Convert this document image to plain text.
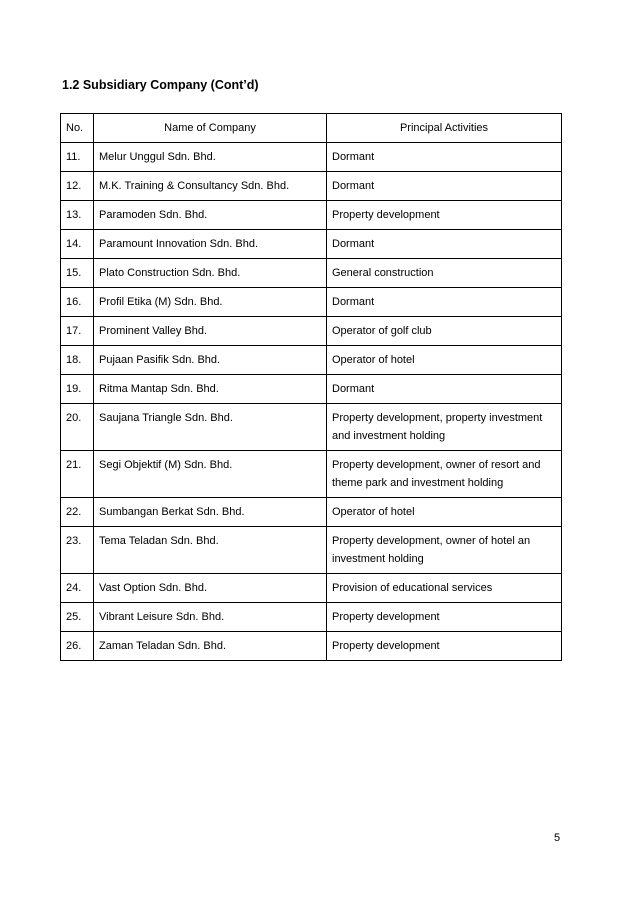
1.2 Subsidiary Company (Cont’d)
No.	Name of Company	Principal Activities
11.	Melur Unggul Sdn. Bhd.	Dormant
12.	M.K. Training & Consultancy Sdn. Bhd.	Dormant
13.	Paramoden Sdn. Bhd.	Property development
14.	Paramount Innovation Sdn. Bhd.	Dormant
15.	Plato Construction Sdn. Bhd.	General construction
16.	Profil Etika (M) Sdn. Bhd.	Dormant
17.	Prominent Valley Bhd.	Operator of golf club
18.	Pujaan Pasifik Sdn. Bhd.	Operator of hotel
19.	Ritma Mantap Sdn. Bhd.	Dormant
20.	Saujana Triangle Sdn. Bhd.	Property development, property investment and investment holding
21.	Segi Objektif (M) Sdn. Bhd.	Property development, owner of resort and theme park and investment holding
22.	Sumbangan Berkat Sdn. Bhd.	Operator of hotel
23.	Tema Teladan Sdn. Bhd.	Property development, owner of hotel an investment holding
24.	Vast Option Sdn. Bhd.	Provision of educational services
25.	Vibrant Leisure Sdn. Bhd.	Property development
26.	Zaman Teladan Sdn. Bhd.	Property development
5
